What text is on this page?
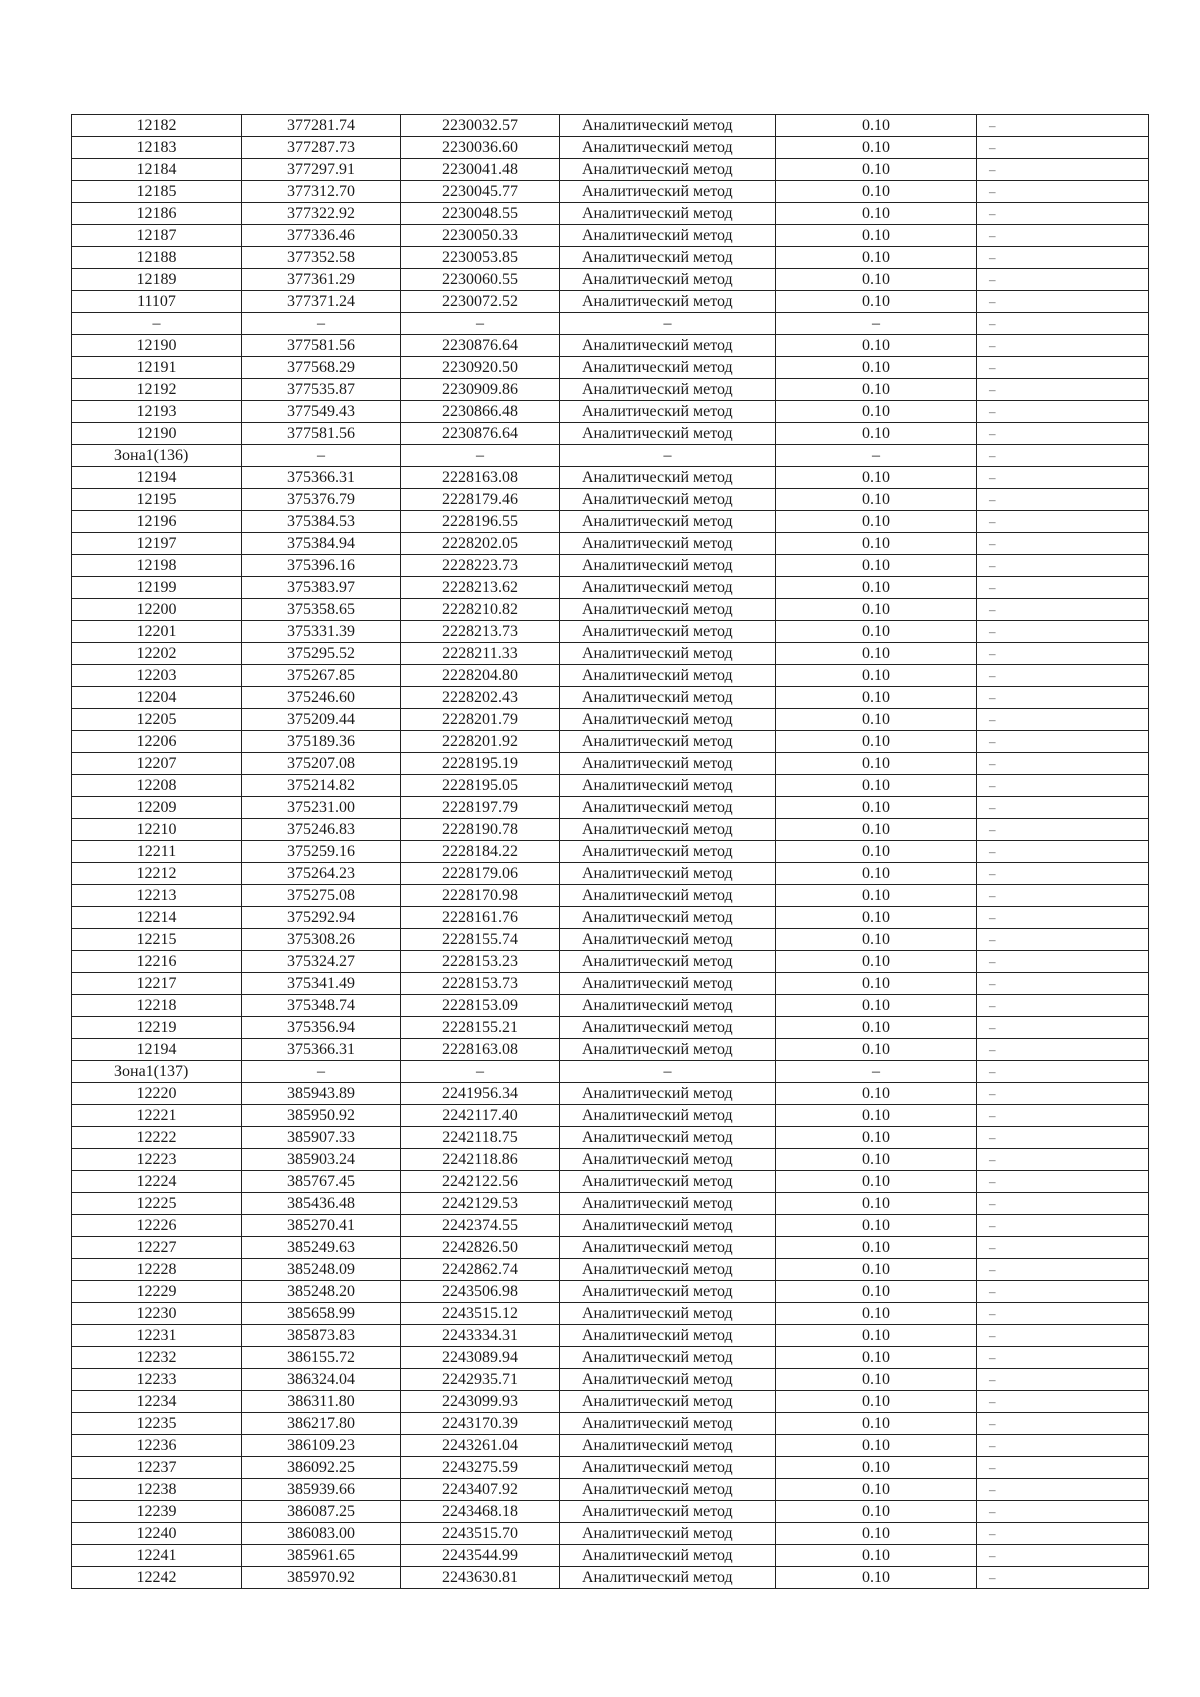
12182	377281.74	2230032.57	Аналитический метод	0.10	–
12183	377287.73	2230036.60	Аналитический метод	0.10	–
12184	377297.91	2230041.48	Аналитический метод	0.10	–
12185	377312.70	2230045.77	Аналитический метод	0.10	–
12186	377322.92	2230048.55	Аналитический метод	0.10	–
12187	377336.46	2230050.33	Аналитический метод	0.10	–
12188	377352.58	2230053.85	Аналитический метод	0.10	–
12189	377361.29	2230060.55	Аналитический метод	0.10	–
11107	377371.24	2230072.52	Аналитический метод	0.10	–
–	–	–	–	–	–
12190	377581.56	2230876.64	Аналитический метод	0.10	–
12191	377568.29	2230920.50	Аналитический метод	0.10	–
12192	377535.87	2230909.86	Аналитический метод	0.10	–
12193	377549.43	2230866.48	Аналитический метод	0.10	–
12190	377581.56	2230876.64	Аналитический метод	0.10	–
Зона1(136)	–	–	–	–	–
12194	375366.31	2228163.08	Аналитический метод	0.10	–
12195	375376.79	2228179.46	Аналитический метод	0.10	–
12196	375384.53	2228196.55	Аналитический метод	0.10	–
12197	375384.94	2228202.05	Аналитический метод	0.10	–
12198	375396.16	2228223.73	Аналитический метод	0.10	–
12199	375383.97	2228213.62	Аналитический метод	0.10	–
12200	375358.65	2228210.82	Аналитический метод	0.10	–
12201	375331.39	2228213.73	Аналитический метод	0.10	–
12202	375295.52	2228211.33	Аналитический метод	0.10	–
12203	375267.85	2228204.80	Аналитический метод	0.10	–
12204	375246.60	2228202.43	Аналитический метод	0.10	–
12205	375209.44	2228201.79	Аналитический метод	0.10	–
12206	375189.36	2228201.92	Аналитический метод	0.10	–
12207	375207.08	2228195.19	Аналитический метод	0.10	–
12208	375214.82	2228195.05	Аналитический метод	0.10	–
12209	375231.00	2228197.79	Аналитический метод	0.10	–
12210	375246.83	2228190.78	Аналитический метод	0.10	–
12211	375259.16	2228184.22	Аналитический метод	0.10	–
12212	375264.23	2228179.06	Аналитический метод	0.10	–
12213	375275.08	2228170.98	Аналитический метод	0.10	–
12214	375292.94	2228161.76	Аналитический метод	0.10	–
12215	375308.26	2228155.74	Аналитический метод	0.10	–
12216	375324.27	2228153.23	Аналитический метод	0.10	–
12217	375341.49	2228153.73	Аналитический метод	0.10	–
12218	375348.74	2228153.09	Аналитический метод	0.10	–
12219	375356.94	2228155.21	Аналитический метод	0.10	–
12194	375366.31	2228163.08	Аналитический метод	0.10	–
Зона1(137)	–	–	–	–	–
12220	385943.89	2241956.34	Аналитический метод	0.10	–
12221	385950.92	2242117.40	Аналитический метод	0.10	–
12222	385907.33	2242118.75	Аналитический метод	0.10	–
12223	385903.24	2242118.86	Аналитический метод	0.10	–
12224	385767.45	2242122.56	Аналитический метод	0.10	–
12225	385436.48	2242129.53	Аналитический метод	0.10	–
12226	385270.41	2242374.55	Аналитический метод	0.10	–
12227	385249.63	2242826.50	Аналитический метод	0.10	–
12228	385248.09	2242862.74	Аналитический метод	0.10	–
12229	385248.20	2243506.98	Аналитический метод	0.10	–
12230	385658.99	2243515.12	Аналитический метод	0.10	–
12231	385873.83	2243334.31	Аналитический метод	0.10	–
12232	386155.72	2243089.94	Аналитический метод	0.10	–
12233	386324.04	2242935.71	Аналитический метод	0.10	–
12234	386311.80	2243099.93	Аналитический метод	0.10	–
12235	386217.80	2243170.39	Аналитический метод	0.10	–
12236	386109.23	2243261.04	Аналитический метод	0.10	–
12237	386092.25	2243275.59	Аналитический метод	0.10	–
12238	385939.66	2243407.92	Аналитический метод	0.10	–
12239	386087.25	2243468.18	Аналитический метод	0.10	–
12240	386083.00	2243515.70	Аналитический метод	0.10	–
12241	385961.65	2243544.99	Аналитический метод	0.10	–
12242	385970.92	2243630.81	Аналитический метод	0.10	–
